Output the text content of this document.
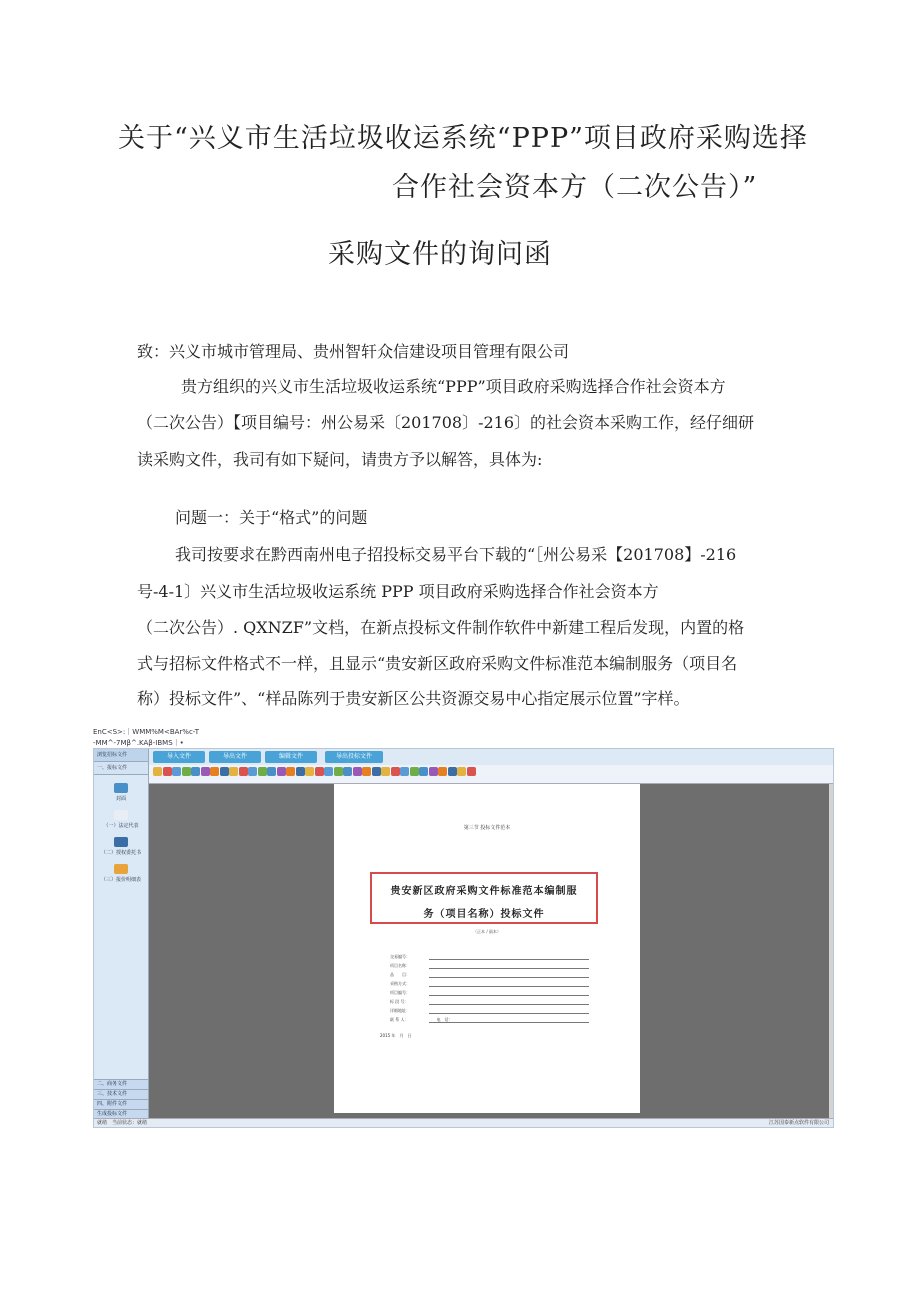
关于“兴义市生活垃圾收运系统“PPP”项目政府采购选择
合作社会资本方（二次公告）”
采购文件的询问函
致：兴义市城市管理局、贵州智轩众信建设项目管理有限公司
贵方组织的兴义市生活垃圾收运系统“PPP”项目政府采购选择合作社会资本方
（二次公告）【项目编号：州公易采〔201708〕-216〕的社会资本采购工作，经仔细研
读采购文件，我司有如下疑问，请贵方予以解答，具体为:
问题一：关于“格式”的问题
我司按要求在黔西南州电子招投标交易平台下载的“［州公易采【201708】-216
号-4-1〕兴义市生活垃圾收运系统 PPP 项目政府采购选择合作社会资本方
（二次公告）. QXNZF”文档，在新点投标文件制作软件中新建工程后发现，内置的格
式与招标文件格式不一样，且显示“贵安新区政府采购文件标准范本编制服务（项目名
称）投标文件”、“样品陈列于贵安新区公共资源交易中心指定展示位置”字样。
EnC<S>:｜WMM%M<BAr%c-T
-MM^-7Mβ^.KAβ-IBMS｜•
浏览招标文件
一、报标文件
封面
（一）法定代表
（二）授权委托书
（三）报价明细表
二、商务文件
三、技术文件
四、附件文件
生成投标文件
导入文件	导出文件	编辑文件	导出投标文件
第三节 投标文件范本
贵安新区政府采购文件标准范本编制服
务（项目名称）投标文件
（正本 / 副本）
交易编号：
项目名称：
品　　目：
采购方式：
项目编号：
标 段 号：
详细地址：
联 系 人：　　　　　　　电　话：
2015 年　月　日
就绪　当前状态：就绪	江苏国泰新点软件有限公司
